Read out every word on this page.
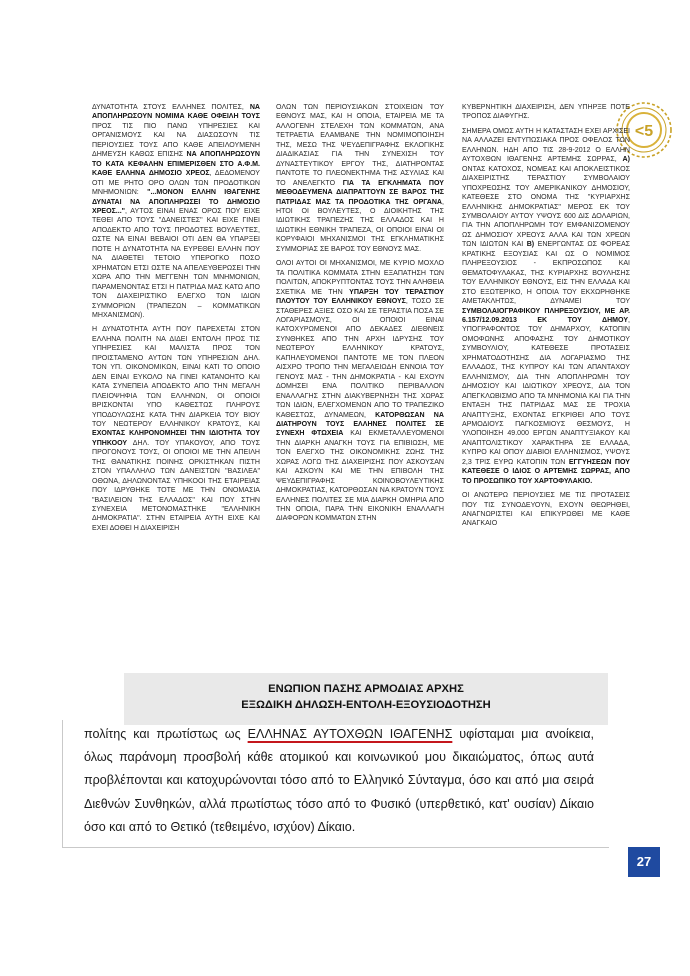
<5

ΔΥΝΑΤΟΤΗΤΑ ΣΤΟΥΣ ΕΛΛΗΝΕΣ ΠΟΛΙΤΕΣ, ΝΑ ΑΠΟΠΛΗΡΩΣΟΥΝ ΝΟΜΙΜΑ ΚΑΘΕ ΟΦΕΙΛΗ ΤΟΥΣ ΠΡΟΣ ΤΙΣ ΠΙΟ ΠΑΝΩ ΥΠΗΡΕΣΙΕΣ ΚΑΙ ΟΡΓΑΝΙΣΜΟΥΣ ΚΑΙ ΝΑ ΔΙΑΣΩΣΟΥΝ ΤΙΣ ΠΕΡΙΟΥΣΙΕΣ ΤΟΥΣ ΑΠΟ ΚΑΘΕ ΑΠΕΙΛΟΥΜΕΝΗ ΔΗΜΕΥΣΗ ΚΑΘΩΣ ΕΠΙΣΗΣ ΝΑ ΑΠΟΠΛΗΡΩΣΟΥΝ ΤΟ ΚΑΤΑ ΚΕΦΑΛΗΝ ΕΠΙΜΕΡΙΣΘΕΝ ΣΤΟ Α.Φ.Μ. ΚΑΘΕ ΕΛΛΗΝΑ ΔΗΜΟΣΙΟ ΧΡΕΟΣ, ΔΕΔΟΜΕΝΟΥ ΟΤΙ ΜΕ ΡΗΤΟ ΟΡΟ ΟΛΩΝ ΤΩΝ ΠΡΟΔΟΤΙΚΩΝ ΜΝΗΜΟΝΙΩΝ: "...ΜΟΝΟΝ ΕΛΛΗΝ ΙΘΑΓΕΝΗΣ ΔΥΝΑΤΑΙ ΝΑ ΑΠΟΠΛΗΡΩΣΕΙ ΤΟ ΔΗΜΟΣΙΟ ΧΡΕΟΣ...", ΑΥΤΟΣ ΕΙΝΑΙ ΕΝΑΣ ΟΡΟΣ ΠΟΥ ΕΙΧΕ ΤΕΘΕΙ ΑΠΟ ΤΟΥΣ "ΔΑΝΕΙΣΤΕΣ" ΚΑΙ ΕΙΧΕ ΓΙΝΕΙ ΑΠΟΔΕΚΤΟ ΑΠΟ ΤΟΥΣ ΠΡΟΔΟΤΕΣ ΒΟΥΛΕΥΤΕΣ, ΩΣΤΕ ΝΑ ΕΙΝΑΙ ΒΕΒΑΙΟΙ ΟΤΙ ΔΕΝ ΘΑ ΥΠΑΡΞΕΙ ΠΟΤΕ Η ΔΥΝΑΤΟΤΗΤΑ ΝΑ ΕΥΡΕΘΕΙ ΕΛΛΗΝ ΠΟΥ ΝΑ ΔΙΑΘΕΤΕΙ ΤΕΤΟΙΟ ΥΠΕΡΟΓΚΟ ΠΟΣΟ ΧΡΗΜΑΤΩΝ ΕΤΣΙ ΩΣΤΕ ΝΑ ΑΠΕΛΕΥΘΕΡΩΣΕΙ ΤΗΝ ΧΩΡΑ ΑΠΟ ΤΗΝ ΜΕΓΓΕΝΗ ΤΩΝ ΜΝΗΜΟΝΙΩΝ, ΠΑΡΑΜΕΝΟΝΤΑΣ ΕΤΣΙ Η ΠΑΤΡΙΔΑ ΜΑΣ ΚΑΤΩ ΑΠΟ ΤΟΝ ΔΙΑΧΕΙΡΙΣΤΙΚΟ ΕΛΕΓΧΟ ΤΩΝ ΙΔΙΩΝ ΣΥΜΜΟΡΙΩΝ (ΤΡΑΠΕΖΩΝ – ΚΟΜΜΑΤΙΚΩΝ ΜΗΧΑΝΙΣΜΩΝ).

Η ΔΥΝΑΤΟΤΗΤΑ ΑΥΤΗ ΠΟΥ ΠΑΡΕΧΕΤΑΙ ΣΤΟΝ ΕΛΛΗΝΑ ΠΟΛΙΤΗ ΝΑ ΔΙΔΕΙ ΕΝΤΟΛΗ ΠΡΟΣ ΤΙΣ ΥΠΗΡΕΣΙΕΣ ΚΑΙ ΜΑΛΙΣΤΑ ΠΡΟΣ ΤΟΝ ΠΡΟΙΣΤΑΜΕΝΟ ΑΥΤΩΝ ΤΩΝ ΥΠΗΡΕΣΙΩΝ ΔΗΛ. ΤΟΝ ΥΠ. ΟΙΚΟΝΟΜΙΚΩΝ, ΕΙΝΑΙ ΚΑΤΙ ΤΟ ΟΠΟΙΟ ΔΕΝ ΕΙΝΑΙ ΕΥΚΟΛΟ ΝΑ ΓΙΝΕΙ ΚΑΤΑΝΟΗΤΟ ΚΑΙ ΚΑΤΑ ΣΥΝΕΠΕΙΑ ΑΠΟΔΕΚΤΟ ΑΠΟ ΤΗΝ ΜΕΓΑΛΗ ΠΛΕΙΟΨΗΦΙΑ ΤΩΝ ΕΛΛΗΝΩΝ, ΟΙ ΟΠΟΙΟΙ ΒΡΙΣΚΟΝΤΑΙ ΥΠΟ ΚΑΘΕΣΤΩΣ ΠΛΗΡΟΥΣ ΥΠΟΔΟΥΛΩΣΗΣ ΚΑΤΑ ΤΗΝ ΔΙΑΡΚΕΙΑ ΤΟΥ ΒΙΟΥ ΤΟΥ ΝΕΩΤΕΡΟΥ ΕΛΛΗΝΙΚΟΥ ΚΡΑΤΟΥΣ, ΚΑΙ ΕΧΟΝΤΑΣ ΚΛΗΡΟΝΟΜΗΣΕΙ ΤΗΝ ΙΔΙΟΤΗΤΑ ΤΟΥ ΥΠΗΚΟΟΥ ΔΗΛ. ΤΟΥ ΥΠΑΚΟΥΟΥ, ΑΠΟ ΤΟΥΣ ΠΡΟΓΟΝΟΥΣ ΤΟΥΣ, ΟΙ ΟΠΟΙΟΙ ΜΕ ΤΗΝ ΑΠΕΙΛΗ ΤΗΣ ΘΑΝΑΤΙΚΗΣ ΠΟΙΝΗΣ ΟΡΚΙΣΤΗΚΑΝ ΠΙΣΤΗ ΣΤΟΝ ΥΠΑΛΛΗΛΟ ΤΩΝ ΔΑΝΕΙΣΤΩΝ "ΒΑΣΙΛΕΑ" ΟΘΩΝΑ, ΔΗΛΩΝΟΝΤΑΣ ΥΠΗΚΟΟΙ ΤΗΣ ΕΤΑΙΡΕΙΑΣ ΠΟΥ ΙΔΡΥΘΗΚΕ ΤΟΤΕ ΜΕ ΤΗΝ ΟΝΟΜΑΣΙΑ "ΒΑΣΙΛΕΙΟΝ ΤΗΣ ΕΛΛΑΔΟΣ" ΚΑΙ ΠΟΥ ΣΤΗΝ ΣΥΝΕΧΕΙΑ ΜΕΤΟΝΟΜΑΣΤΗΚΕ "ΕΛΛΗΝΙΚΗ ΔΗΜΟΚΡΑΤΙΑ". ΣΤΗΝ ΕΤΑΙΡΕΙΑ ΑΥΤΗ ΕΙΧΕ ΚΑΙ ΕΧΕΙ ΔΟΘΕΙ Η ΔΙΑΧΕΙΡΙΣΗ

ΟΛΩΝ ΤΩΝ ΠΕΡΙΟΥΣΙΑΚΩΝ ΣΤΟΙΧΕΙΩΝ ΤΟΥ ΕΘΝΟΥΣ ΜΑΣ, ΚΑΙ Η ΟΠΟΙΑ, ΕΤΑΙΡΕΙΑ ΜΕ ΤΑ ΑΛΛΟΓΕΝΗ ΣΤΕΛΕΧΗ ΤΩΝ ΚΟΜΜΑΤΩΝ, ΑΝΑ ΤΕΤΡΑΕΤΙΑ ΕΛΑΜΒΑΝΕ ΤΗΝ ΝΟΜΙΜΟΠΟΙΗΣΗ ΤΗΣ, ΜΕΣΩ ΤΗΣ ΨΕΥΔΕΠΙΓΡΑΦΗΣ ΕΚΛΟΓΙΚΗΣ ΔΙΑΔΙΚΑΣΙΑΣ ΓΙΑ ΤΗΝ ΣΥΝΕΧΙΣΗ ΤΟΥ ΔΥΝΑΣΤΕΥΤΙΚΟΥ ΕΡΓΟΥ ΤΗΣ, ΔΙΑΤΗΡΟΝΤΑΣ ΠΑΝΤΟΤΕ ΤΟ ΠΛΕΟΝΕΚΤΗΜΑ ΤΗΣ ΑΣΥΛΙΑΣ ΚΑΙ ΤΟ ΑΝΕΛΕΓΚΤΟ ΓΙΑ ΤΑ ΕΓΚΛΗΜΑΤΑ ΠΟΥ ΜΕΘΟΔΕΥΜΕΝΑ ΔΙΑΠΡΑΤΤΟΥΝ ΣΕ ΒΑΡΟΣ ΤΗΣ ΠΑΤΡΙΔΑΣ ΜΑΣ ΤΑ ΠΡΟΔΟΤΙΚΑ ΤΗΣ ΟΡΓΑΝΑ, ΗΤΟΙ ΟΙ ΒΟΥΛΕΥΤΕΣ, Ο ΔΙΟΙΚΗΤΗΣ ΤΗΣ ΙΔΙΩΤΙΚΗΣ ΤΡΑΠΕΖΗΣ ΤΗΣ ΕΛΛΑΔΟΣ ΚΑΙ Η ΙΔΙΩΤΙΚΗ ΕΘΝΙΚΗ ΤΡΑΠΕΖΑ, ΟΙ ΟΠΟΙΟΙ ΕΙΝΑΙ ΟΙ ΚΟΡΥΦΑΙΟΙ ΜΗΧΑΝΙΣΜΟΙ ΤΗΣ ΕΓΚΛΗΜΑΤΙΚΗΣ ΣΥΜΜΟΡΙΑΣ ΣΕ ΒΑΡΟΣ ΤΟΥ ΕΘΝΟΥΣ ΜΑΣ.

ΟΛΟΙ ΑΥΤΟΙ ΟΙ ΜΗΧΑΝΙΣΜΟΙ, ΜΕ ΚΥΡΙΟ ΜΟΧΛΟ ΤΑ ΠΟΛΙΤΙΚΑ ΚΟΜΜΑΤΑ ΣΤΗΝ ΕΞΑΠΑΤΗΣΗ ΤΩΝ ΠΟΛΙΤΩΝ, ΑΠΟΚΡΥΠΤΟΝΤΑΣ ΤΟΥΣ ΤΗΝ ΑΛΗΘΕΙΑ ΣΧΕΤΙΚΑ ΜΕ ΤΗΝ ΥΠΑΡΞΗ ΤΟΥ ΤΕΡΑΣΤΙΟΥ ΠΛΟΥΤΟΥ ΤΟΥ ΕΛΛΗΝΙΚΟΥ ΕΘΝΟΥΣ, ΤΟΣΟ ΣΕ ΣΤΑΘΕΡΕΣ ΑΞΙΕΣ ΟΣΟ ΚΑΙ ΣΕ ΤΕΡΑΣΤΙΑ ΠΟΣΑ ΣΕ ΛΟΓΑΡΙΑΣΜΟΥΣ, ΟΙ ΟΠΟΙΟΙ ΕΙΝΑΙ ΚΑΤΟΧΥΡΩΜΕΝΟΙ ΑΠΟ ΔΕΚΑΔΕΣ ΔΙΕΘΝΕΙΣ ΣΥΝΘΗΚΕΣ ΑΠΟ ΤΗΝ ΑΡΧΗ ΙΔΡΥΣΗΣ ΤΟΥ ΝΕΩΤΕΡΟΥ ΕΛΛΗΝΙΚΟΥ ΚΡΑΤΟΥΣ, ΚΑΠΗΛΕΥΟΜΕΝΟΙ ΠΑΝΤΟΤΕ ΜΕ ΤΟΝ ΠΛΕΟΝ ΑΙΣΧΡΟ ΤΡΟΠΟ ΤΗΝ ΜΕΓΑΛΕΙΩΔΗ ΕΝΝΟΙΑ ΤΟΥ ΓΕΝΟΥΣ ΜΑΣ - ΤΗΝ ΔΗΜΟΚΡΑΤΙΑ - ΚΑΙ ΕΧΟΥΝ ΔΟΜΗΣΕΙ ΕΝΑ ΠΟΛΙΤΙΚΟ ΠΕΡΙΒΑΛΛΟΝ ΕΝΑΛΛΑΓΗΣ ΣΤΗΝ ΔΙΑΚΥΒΕΡΝΗΣΗ ΤΗΣ ΧΩΡΑΣ ΤΩΝ ΙΔΙΩΝ, ΕΛΕΓΧΟΜΕΝΩΝ ΑΠΟ ΤΟ ΤΡΑΠΕΖΙΚΟ ΚΑΘΕΣΤΩΣ, ΔΥΝΑΜΕΩΝ, ΚΑΤΟΡΘΩΣΑΝ ΝΑ ΔΙΑΤΗΡΟΥΝ ΤΟΥΣ ΕΛΛΗΝΕΣ ΠΟΛΙΤΕΣ ΣΕ ΣΥΝΕΧΗ ΦΤΩΧΕΙΑ ΚΑΙ ΕΚΜΕΤΑΛΛΕΥΟΜΕΝΟΙ ΤΗΝ ΔΙΑΡΚΗ ΑΝΑΓΚΗ ΤΟΥΣ ΓΙΑ ΕΠΙΒΙΩΣΗ, ΜΕ ΤΟΝ ΕΛΕΓΧΟ ΤΗΣ ΟΙΚΟΝΟΜΙΚΗΣ ΖΩΗΣ ΤΗΣ ΧΩΡΑΣ ΛΟΓΩ ΤΗΣ ΔΙΑΧΕΙΡΙΣΗΣ ΠΟΥ ΑΣΚΟΥΣΑΝ ΚΑΙ ΑΣΚΟΥΝ ΚΑΙ ΜΕ ΤΗΝ ΕΠΙΒΟΛΗ ΤΗΣ ΨΕΥΔΕΠΙΓΡΑΦΗΣ ΚΟΙΝΟΒΟΥΛΕΥΤΙΚΗΣ ΔΗΜΟΚΡΑΤΙΑΣ, ΚΑΤΟΡΘΩΣΑΝ ΝΑ ΚΡΑΤΟΥΝ ΤΟΥΣ ΕΛΛΗΝΕΣ ΠΟΛΙΤΕΣ ΣΕ ΜΙΑ ΔΙΑΡΚΗ ΟΜΗΡΙΑ ΑΠΟ ΤΗΝ ΟΠΟΙΑ, ΠΑΡΑ ΤΗΝ ΕΙΚΟΝΙΚΗ ΕΝΑΛΛΑΓΗ ΔΙΑΦΟΡΩΝ ΚΟΜΜΑΤΩΝ ΣΤΗΝ

ΚΥΒΕΡΝΗΤΙΚΗ ΔΙΑΧΕΙΡΙΣΗ, ΔΕΝ ΥΠΗΡΞΕ ΠΟΤΕ ΤΡΟΠΟΣ ΔΙΑΦΥΓΗΣ.

ΣΗΜΕΡΑ ΟΜΩΣ ΑΥΤΗ Η ΚΑΤΑΣΤΑΣΗ ΕΧΕΙ ΑΡΧΙΣΕΙ ΝΑ ΑΛΛΑΖΕΙ ΕΝΤΥΠΩΣΙΑΚΑ ΠΡΟΣ ΟΦΕΛΟΣ ΤΩΝ ΕΛΛΗΝΩΝ. ΗΔΗ ΑΠΟ ΤΙΣ 28-9-2012 Ο ΕΛΛΗΝ ΑΥΤΟΧΘΩΝ ΙΘΑΓΕΝΗΣ ΑΡΤΕΜΗΣ ΣΩΡΡΑΣ, Α) ΟΝΤΑΣ ΚΑΤΟΧΟΣ, ΝΟΜΕΑΣ ΚΑΙ ΑΠΟΚΛΕΙΣΤΙΚΟΣ ΔΙΑΧΕΙΡΙΣΤΗΣ ΤΕΡΑΣΤΙΟΥ ΣΥΜΒΟΛΑΙΟΥ ΥΠΟΧΡΕΩΣΗΣ ΤΟΥ ΑΜΕΡΙΚΑΝΙΚΟΥ ΔΗΜΟΣΙΟΥ, ΚΑΤΕΘΕΣΕ ΣΤΟ ΟΝΟΜΑ ΤΗΣ "ΚΥΡΙΑΡΧΗΣ ΕΛΛΗΝΙΚΗΣ ΔΗΜΟΚΡΑΤΙΑΣ" ΜΕΡΟΣ ΕΚ ΤΟΥ ΣΥΜΒΟΛΑΙΟΥ ΑΥΤΟΥ ΥΨΟΥΣ 600 ΔΙΣ ΔΟΛΑΡΙΩΝ, ΓΙΑ ΤΗΝ ΑΠΟΠΛΗΡΩΜΗ ΤΟΥ ΕΜΦΑΝΙΖΟΜΕΝΟΥ ΩΣ ΔΗΜΟΣΙΟΥ ΧΡΕΟΥΣ ΑΛΛΑ ΚΑΙ ΤΩΝ ΧΡΕΩΝ ΤΩΝ ΙΔΙΩΤΩΝ ΚΑΙ Β) ΕΝΕΡΓΩΝΤΑΣ ΩΣ ΦΟΡΕΑΣ ΚΡΑΤΙΚΗΣ ΕΞΟΥΣΙΑΣ ΚΑΙ ΩΣ Ο ΝΟΜΙΜΟΣ ΠΛΗΡΕΞΟΥΣΙΟΣ - ΕΚΠΡΟΣΩΠΟΣ ΚΑΙ ΘΕΜΑΤΟΦΥΛΑΚΑΣ, ΤΗΣ ΚΥΡΙΑΡΧΗΣ ΒΟΥΛΗΣΗΣ ΤΟΥ ΕΛΛΗΝΙΚΟΥ ΕΘΝΟΥΣ, ΕΙΣ ΤΗΝ ΕΛΛΑΔΑ ΚΑΙ ΣΤΟ ΕΞΩΤΕΡΙΚΟ, Η ΟΠΟΙΑ ΤΟΥ ΕΚΧΩΡΗΘΗΚΕ ΑΜΕΤΑΚΛΗΤΩΣ, ΔΥΝΑΜΕΙ ΤΟΥ ΣΥΜΒΟΛΑΙΟΓΡΑΦΙΚΟΥ ΠΛΗΡΕΞΟΥΣΙΟΥ, ΜΕ ΑΡ. 6.157/12.09.2013 ΕΚ ΤΟΥ ΔΗΜΟΥ, ΥΠΟΓΡΑΦΟΝΤΟΣ ΤΟΥ ΔΗΜΑΡΧΟΥ, ΚΑΤΟΠΙΝ ΟΜΟΦΩΝΗΣ ΑΠΟΦΑΣΗΣ ΤΟΥ ΔΗΜΟΤΙΚΟΥ ΣΥΜΒΟΥΛΙΟΥ, ΚΑΤΕΘΕΣΕ ΠΡΟΤΑΣΕΙΣ ΧΡΗΜΑΤΟΔΟΤΗΣΗΣ ΔΙΑ ΛΟΓΑΡΙΑΣΜΟ ΤΗΣ ΕΛΛΑΔΟΣ, ΤΗΣ ΚΥΠΡΟΥ ΚΑΙ ΤΩΝ ΑΠΑΝΤΑΧΟΥ ΕΛΛΗΝΙΣΜΟΥ, ΔΙΑ ΤΗΝ ΑΠΟΠΛΗΡΩΜΗ ΤΟΥ ΔΗΜΟΣΙΟΥ ΚΑΙ ΙΔΙΩΤΙΚΟΥ ΧΡΕΟΥΣ, ΔΙΑ ΤΟΝ ΑΠΕΓΚΛΩΒΙΣΜΟ ΑΠΟ ΤΑ ΜΝΗΜΟΝΙΑ ΚΑΙ ΓΙΑ ΤΗΝ ΕΝΤΑΞΗ ΤΗΣ ΠΑΤΡΙΔΑΣ ΜΑΣ ΣΕ ΤΡΟΧΙΑ ΑΝΑΠΤΥΞΗΣ, ΕΧΟΝΤΑΣ ΕΓΚΡΙΘΕΙ ΑΠΟ ΤΟΥΣ ΑΡΜΟΔΙΟΥΣ ΠΑΓΚΟΣΜΙΟΥΣ ΘΕΣΜΟΥΣ, Η ΥΛΟΠΟΙΗΣΗ 49.000 ΕΡΓΩΝ ΑΝΑΠΤΥΞΙΑΚΟΥ ΚΑΙ ΑΝΑΠΤΟΛΙΣΤΙΚΟΥ ΧΑΡΑΚΤΗΡΑ ΣΕ ΕΛΛΑΔΑ, ΚΥΠΡΟ ΚΑΙ ΟΠΟΥ ΔΙΑΒΙΟΙ ΕΛΛΗΝΙΣΜΟΣ, ΥΨΟΥΣ 2,3 ΤΡΙΣ ΕΥΡΩ ΚΑΤΟΠΙΝ ΤΩΝ ΕΓΓΥΗΣΕΩΝ ΠΟΥ ΚΑΤΕΘΕΣΕ Ο ΙΔΙΟΣ Ο ΑΡΤΕΜΗΣ ΣΩΡΡΑΣ, ΑΠΟ ΤΟ ΠΡΟΣΩΠΙΚΟ ΤΟΥ ΧΑΡΤΟΦΥΛΑΚΙΟ.

ΟΙ ΑΝΩΤΕΡΩ ΠΕΡΙΟΥΣΙΕΣ ΜΕ ΤΙΣ ΠΡΟΤΑΣΕΙΣ ΠΟΥ ΤΙΣ ΣΥΝΟΔΕΥΟΥΝ, ΕΧΟΥΝ ΘΕΩΡΗΘΕΙ, ΑΝΑΓΝΩΡΙΣΤΕΙ ΚΑΙ ΕΠΙΚΥΡΩΘΕΙ ΜΕ ΚΑΘΕ ΑΝΑΓΚΑΙΟ

ΕΝΩΠΙΟΝ ΠΑΣΗΣ ΑΡΜΟΔΙΑΣ ΑΡΧΗΣ
ΕΞΩΔΙΚΗ ΔΗΛΩΣΗ-ΕΝΤΟΛΗ-ΕΞΟΥΣΙΟΔΟΤΗΣΗ
πολίτης και πρωτίστως ως ΕΛΛΗΝΑΣ ΑΥΤΟΧΘΩΝ ΙΘΑΓΕΝΗΣ υφίσταμαι μια ανοίκεια, όλως παράνομη προσβολή κάθε ατομικού και κοινωνικού μου δικαιώματος, όπως αυτά προβλέπονται και κατοχυρώνονται τόσο από το Ελληνικό Σύνταγμα, όσο και από μια σειρά Διεθνών Συνθηκών, αλλά πρωτίστως τόσο από το Φυσικό (υπερθετικό, κατ' ουσίαν) Δίκαιο όσο και από το Θετικό (τεθειμένο, ισχύον) Δίκαιο.
27
